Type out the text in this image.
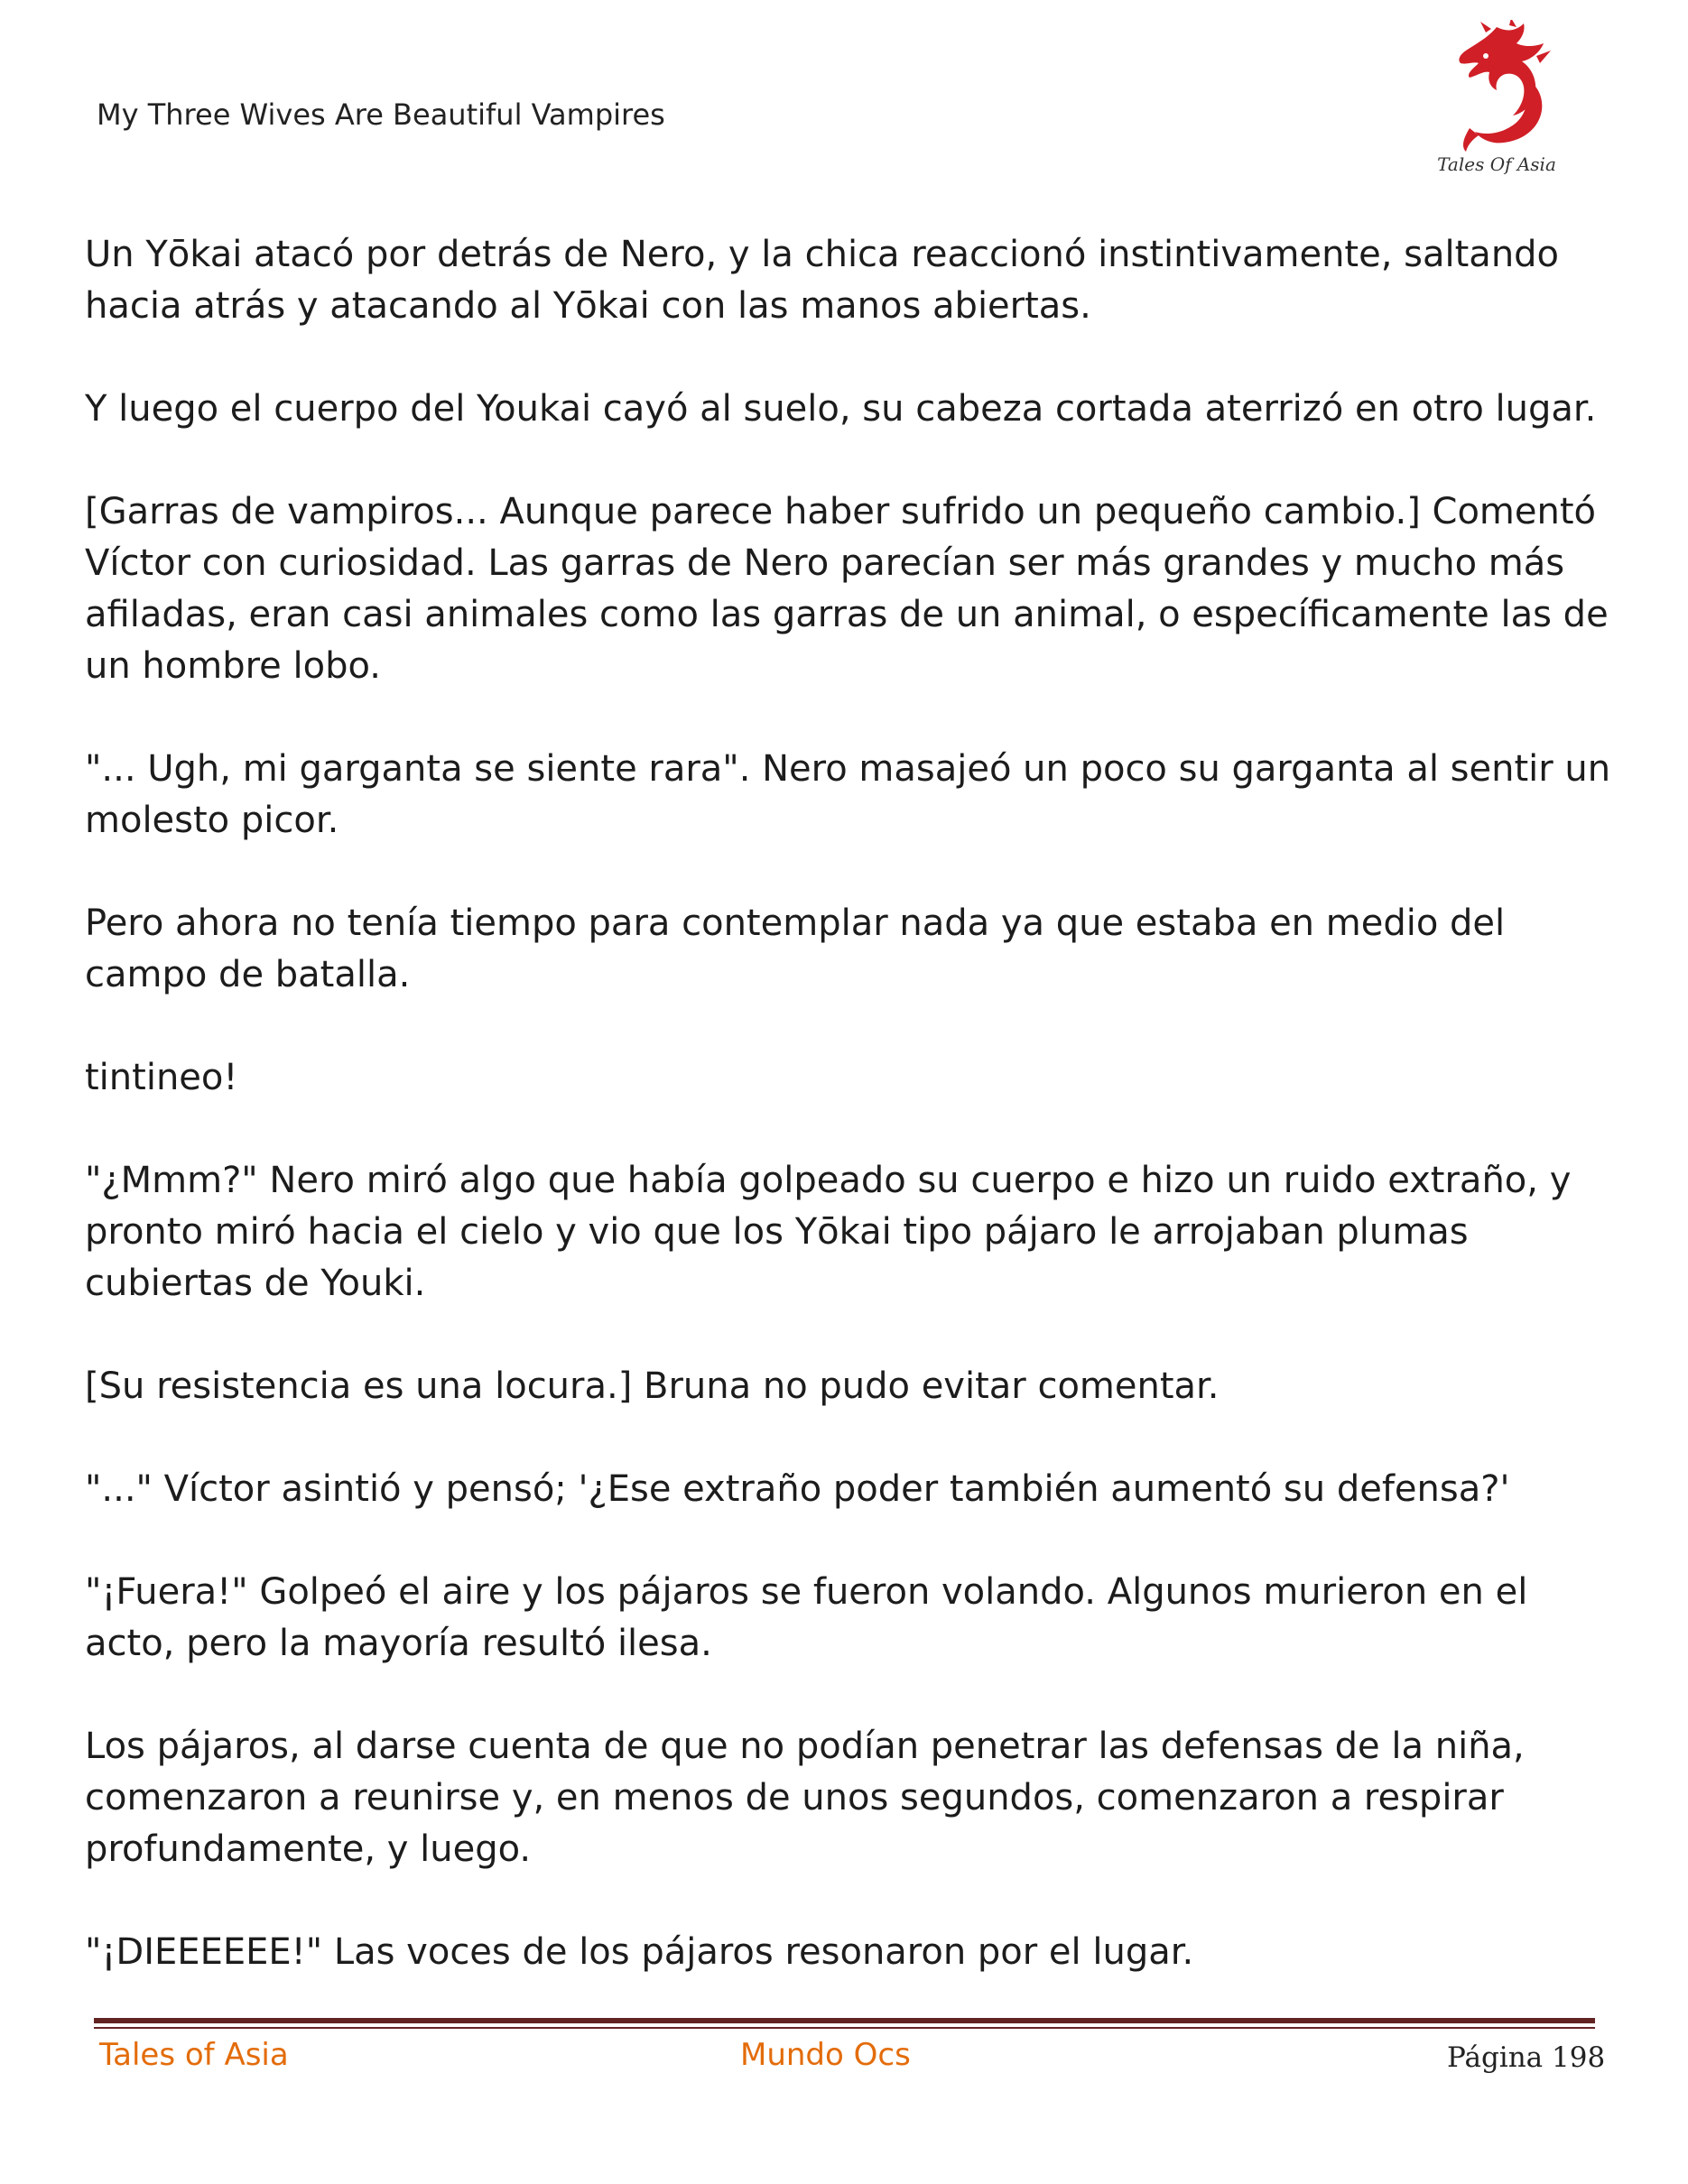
My Three Wives Are Beautiful Vampires
Tales Of Asia

Un Yōkai atacó por detrás de Nero, y la chica reaccionó instintivamente, saltando hacia atrás y atacando al Yōkai con las manos abiertas.

Y luego el cuerpo del Youkai cayó al suelo, su cabeza cortada aterrizó en otro lugar.

[Garras de vampiros... Aunque parece haber sufrido un pequeño cambio.] Comentó Víctor con curiosidad. Las garras de Nero parecían ser más grandes y mucho más afiladas, eran casi animales como las garras de un animal, o específicamente las de un hombre lobo.

"... Ugh, mi garganta se siente rara". Nero masajeó un poco su garganta al sentir un molesto picor.

Pero ahora no tenía tiempo para contemplar nada ya que estaba en medio del campo de batalla.

tintineo!

"¿Mmm?" Nero miró algo que había golpeado su cuerpo e hizo un ruido extraño, y pronto miró hacia el cielo y vio que los Yōkai tipo pájaro le arrojaban plumas cubiertas de Youki.

[Su resistencia es una locura.] Bruna no pudo evitar comentar.

"..." Víctor asintió y pensó; '¿Ese extraño poder también aumentó su defensa?'

"¡Fuera!" Golpeó el aire y los pájaros se fueron volando. Algunos murieron en el acto, pero la mayoría resultó ilesa.

Los pájaros, al darse cuenta de que no podían penetrar las defensas de la niña, comenzaron a reunirse y, en menos de unos segundos, comenzaron a respirar profundamente, y luego.

"¡DIEEEEEE!" Las voces de los pájaros resonaron por el lugar.

Tales of Asia	Mundo Ocs	Página 198
